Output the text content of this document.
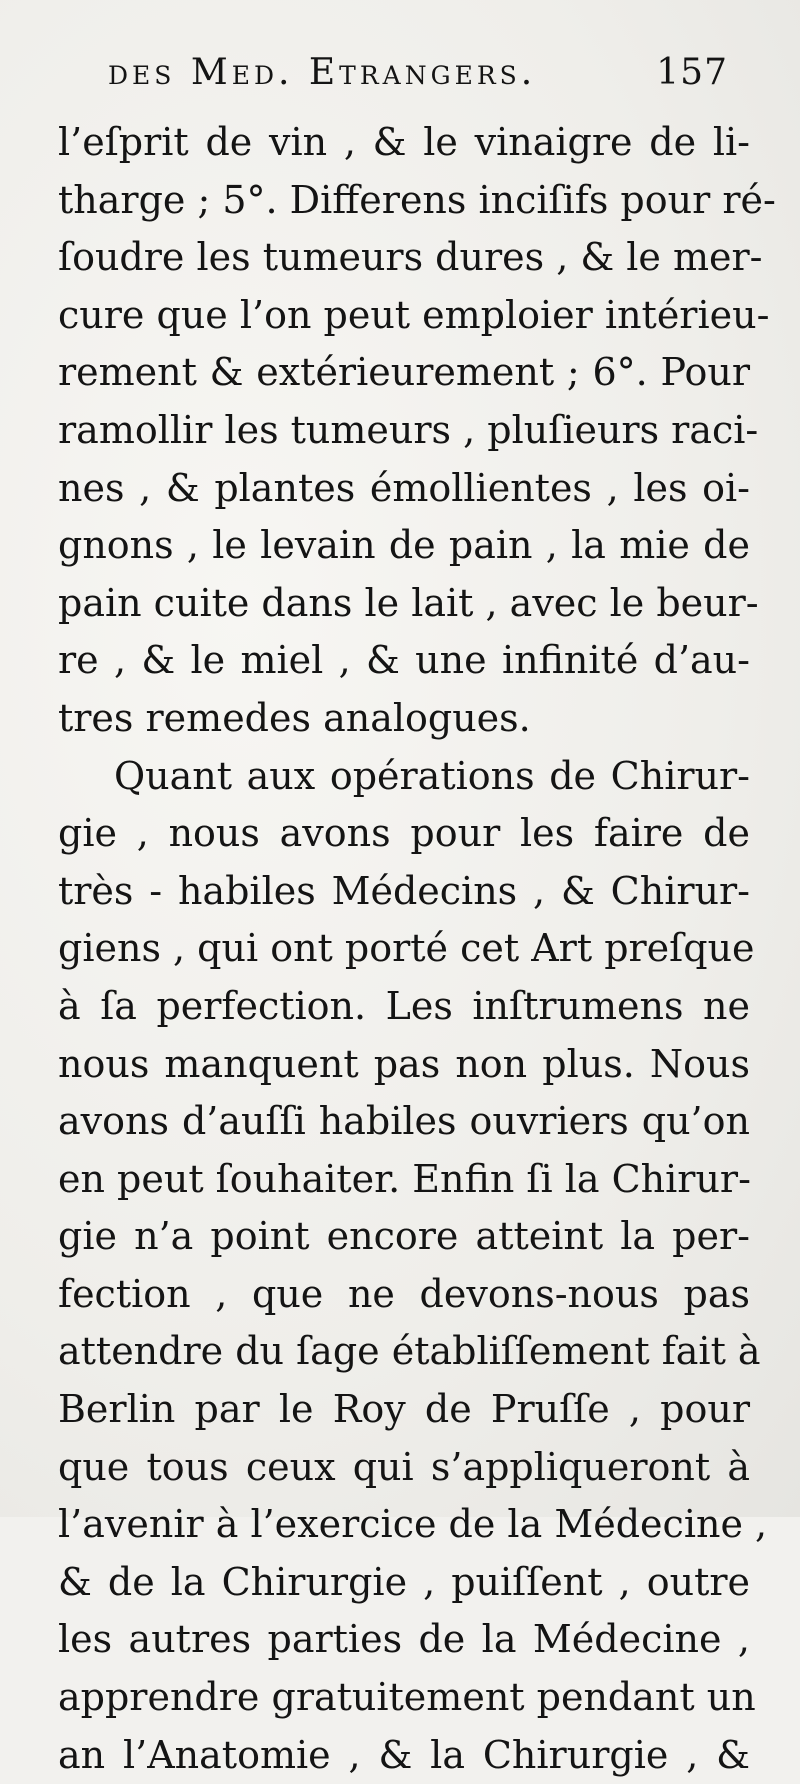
des Med. Etrangers.	157
l’eſprit de vin , & le vinaigre de li-
tharge ; 5°. Differens inciſifs pour ré-
ſoudre les tumeurs dures , & le mer-
cure que l’on peut emploier intérieu-
rement & extérieurement ; 6°. Pour
ramollir les tumeurs , pluſieurs raci-
nes , & plantes émollientes , les oi-
gnons , le levain de pain , la mie de
pain cuite dans le lait , avec le beur-
re , & le miel , & une infinité d’au-
tres remedes analogues.
Quant aux opérations de Chirur-
gie , nous avons pour les faire de
très - habiles Médecins , & Chirur-
giens , qui ont porté cet Art preſque
à ſa perfection. Les inſtrumens ne
nous manquent pas non plus. Nous
avons d’auſſi habiles ouvriers qu’on
en peut ſouhaiter. Enfin ſi la Chirur-
gie n’a point encore atteint la per-
fection , que ne devons-nous pas
attendre du ſage établiſſement fait à
Berlin par le Roy de Pruſſe , pour
que tous ceux qui s’appliqueront à
l’avenir à l’exercice de la Médecine ,
& de la Chirurgie , puiſſent , outre
les autres parties de la Médecine ,
apprendre gratuitement pendant un
an l’Anatomie , & la Chirurgie , &
